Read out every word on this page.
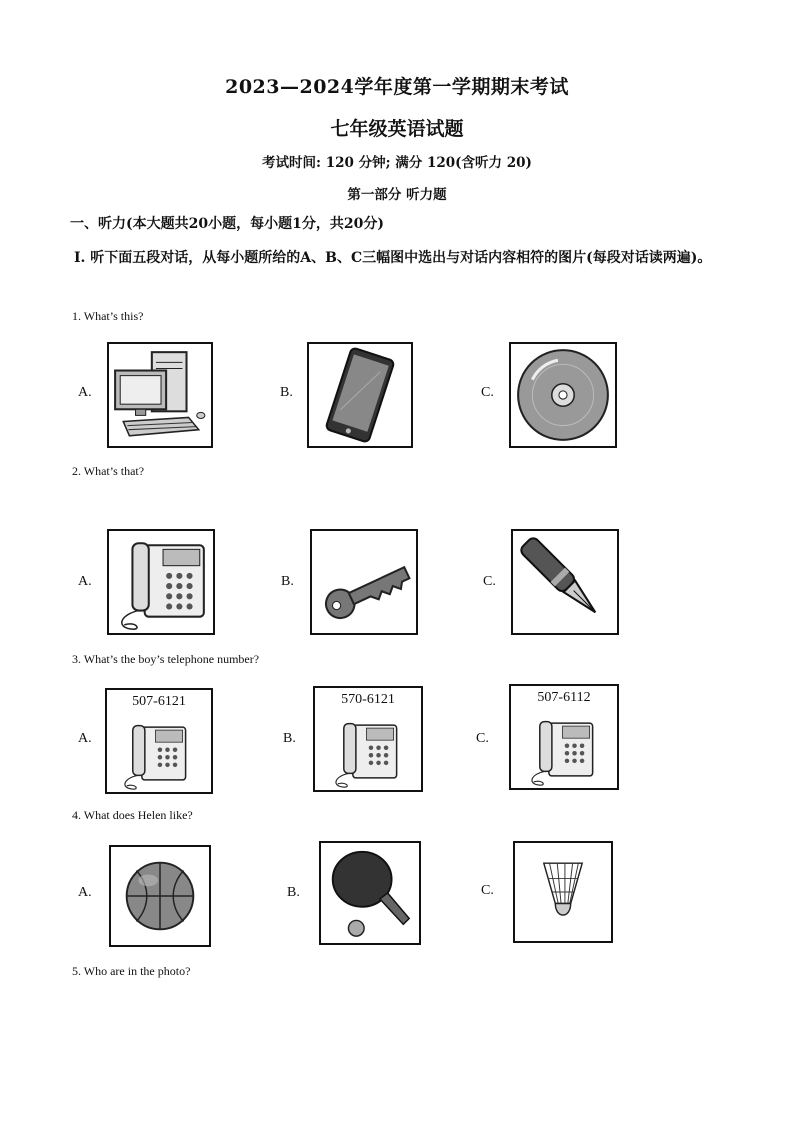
2023—2024学年度第一学期期末考试
七年级英语试题
考试时间: 120 分钟; 满分 120(含听力 20)
第一部分 听力题
一、听力(本大题共20小题，每小题1分，共20分)
Ⅰ. 听下面五段对话，从每小题所给的A、B、C三幅图中选出与对话内容相符的图片(每段对话读两遍)。
1. What’s this?
A.	B.	C.
2. What’s that?
A.	B.	C.
3. What’s the boy’s telephone number?
A.
507-6121
B.
570-6121
C.
507-6112
4. What does Helen like?
A.	B.	C.
5. Who are in the photo?
